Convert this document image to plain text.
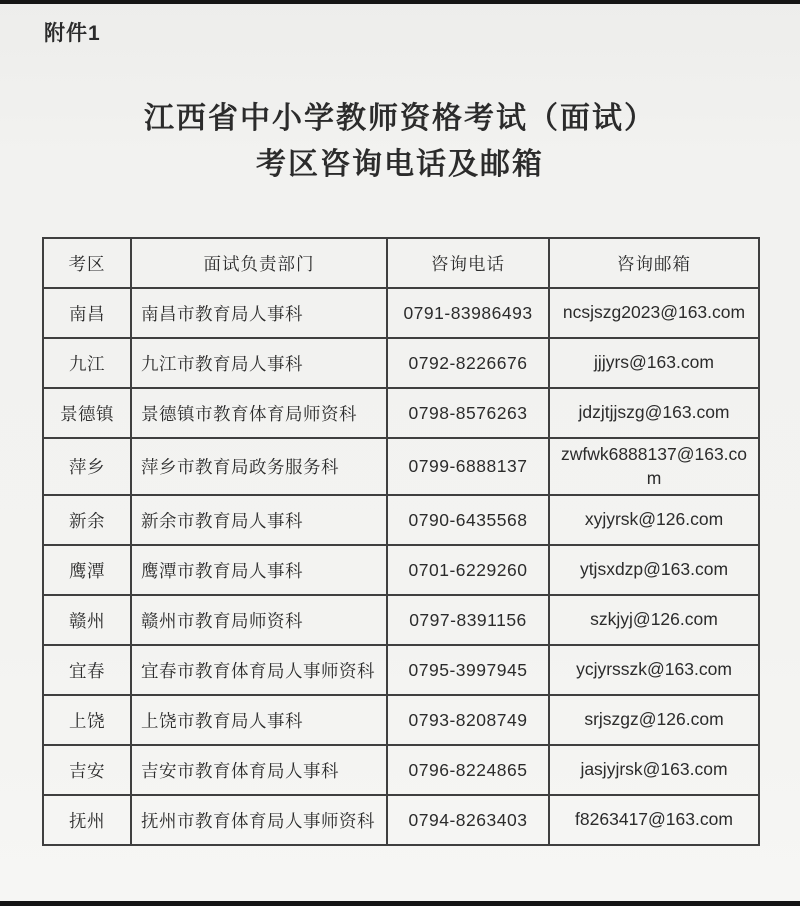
附件1
江西省中小学教师资格考试（面试）
考区咨询电话及邮箱
考区	面试负责部门	咨询电话	咨询邮箱
南昌	南昌市教育局人事科	0791-83986493	ncsjszg2023@163.com
九江	九江市教育局人事科	0792-8226676	jjjyrs@163.com
景德镇	景德镇市教育体育局师资科	0798-8576263	jdzjtjjszg@163.com
萍乡	萍乡市教育局政务服务科	0799-6888137	zwfwk6888137@163.com
新余	新余市教育局人事科	0790-6435568	xyjyrsk@126.com
鹰潭	鹰潭市教育局人事科	0701-6229260	ytjsxdzp@163.com
赣州	赣州市教育局师资科	0797-8391156	szkjyj@126.com
宜春	宜春市教育体育局人事师资科	0795-3997945	ycjyrsszk@163.com
上饶	上饶市教育局人事科	0793-8208749	srjszgz@126.com
吉安	吉安市教育体育局人事科	0796-8224865	jasjyjrsk@163.com
抚州	抚州市教育体育局人事师资科	0794-8263403	f8263417@163.com
